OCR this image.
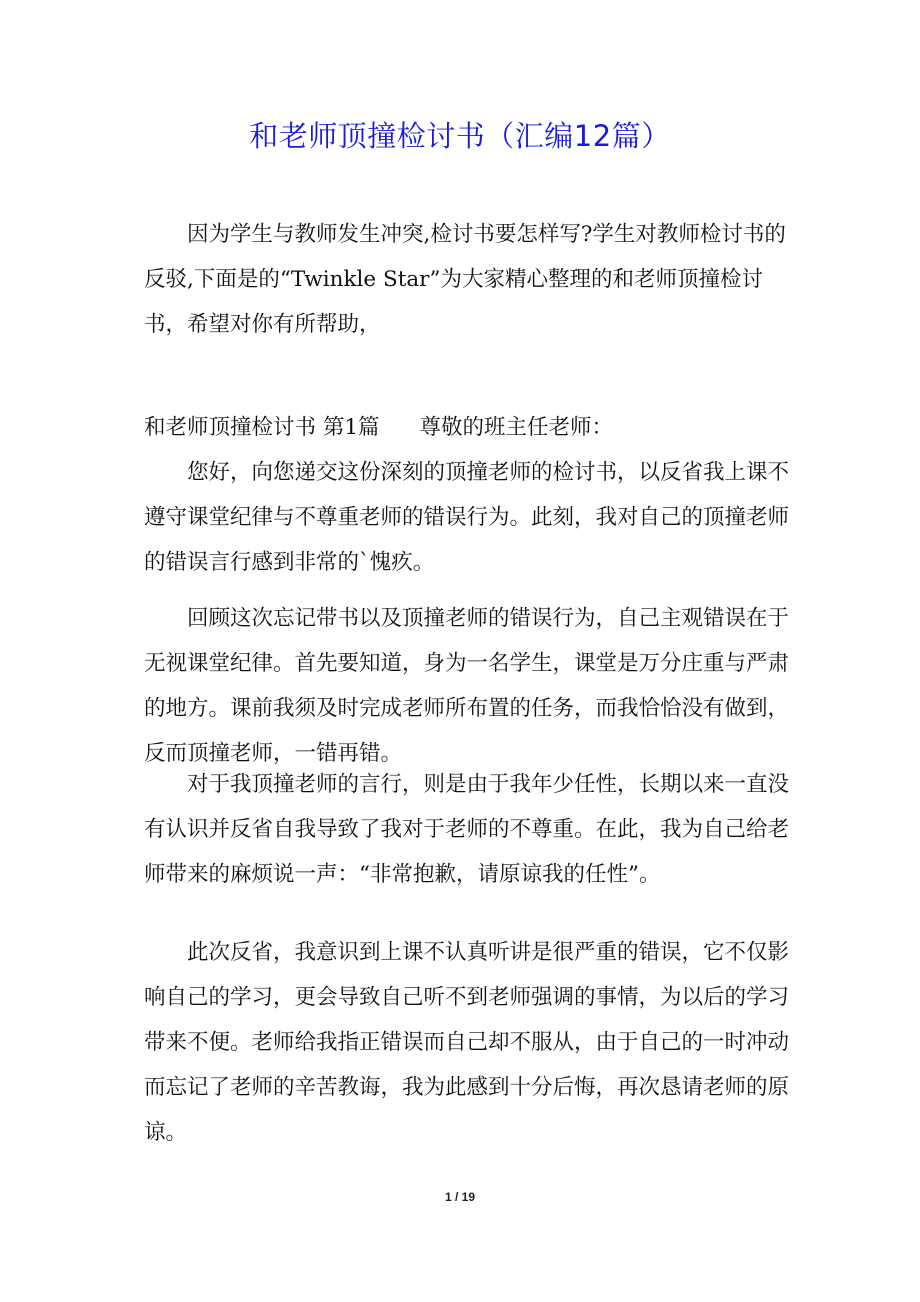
和老师顶撞检讨书（汇编12篇）

因为学生与教师发生冲突,检讨书要怎样写?学生对教师检讨书的反驳,下面是的“Twinkle Star”为大家精心整理的和老师顶撞检讨书，希望对你有所帮助，

和老师顶撞检讨书 第1篇 尊敬的班主任老师：

您好，向您递交这份深刻的顶撞老师的检讨书，以反省我上课不遵守课堂纪律与不尊重老师的错误行为。此刻，我对自己的顶撞老师的错误言行感到非常的`愧疚。

回顾这次忘记带书以及顶撞老师的错误行为，自己主观错误在于无视课堂纪律。首先要知道，身为一名学生，课堂是万分庄重与严肃的地方。课前我须及时完成老师所布置的任务，而我恰恰没有做到，反而顶撞老师，一错再错。

对于我顶撞老师的言行，则是由于我年少任性，长期以来一直没有认识并反省自我导致了我对于老师的不尊重。在此，我为自己给老师带来的麻烦说一声：“非常抱歉，请原谅我的任性”。

此次反省，我意识到上课不认真听讲是很严重的错误，它不仅影响自己的学习，更会导致自己听不到老师强调的事情，为以后的学习带来不便。老师给我指正错误而自己却不服从，由于自己的一时冲动而忘记了老师的辛苦教诲，我为此感到十分后悔，再次恳请老师的原谅。

1 / 19
